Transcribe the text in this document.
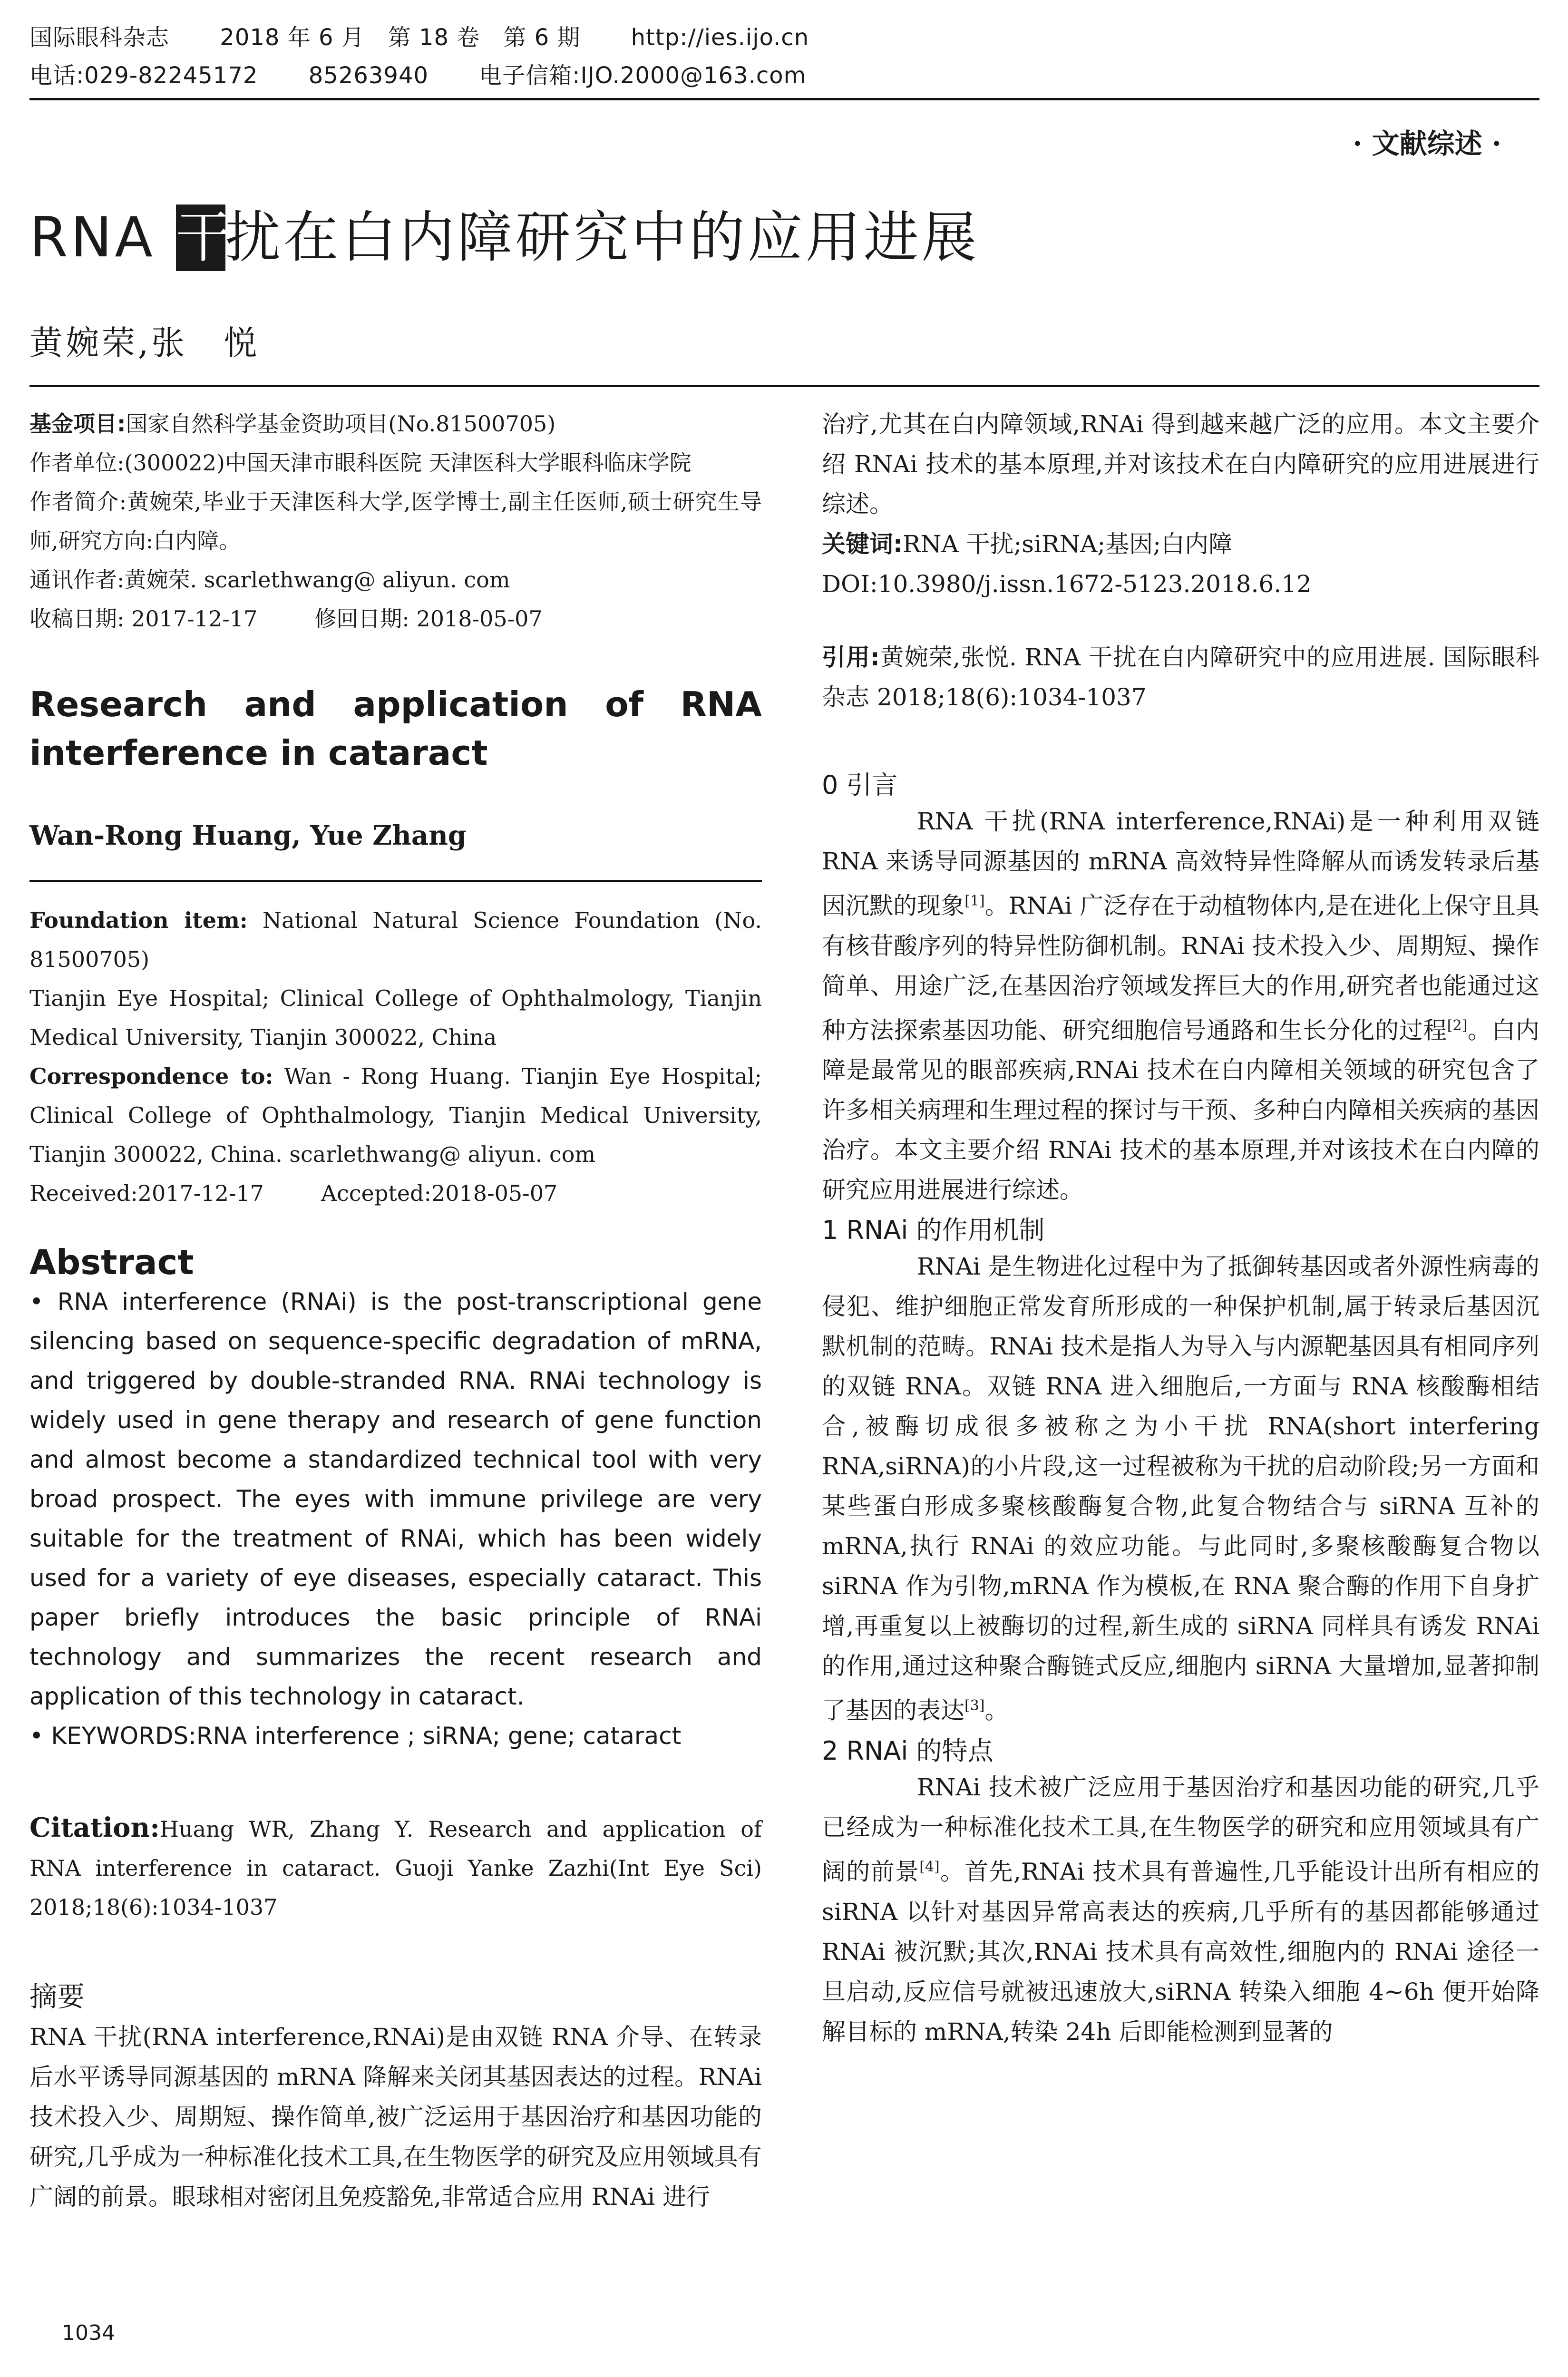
国际眼科杂志 2018 年 6 月　第 18 卷　第 6 期 http://ies.ijo.cn
电话:029-82245172 85263940 电子信箱:IJO.2000@163.com
· 文献综述 ·
RNA 干扰在白内障研究中的应用进展
黄婉荣,张　悦

基金项目:国家自然科学基金资助项目(No.81500705)

作者单位:(300022)中国天津市眼科医院 天津医科大学眼科临床学院

作者简介:黄婉荣,毕业于天津医科大学,医学博士,副主任医师,硕士研究生导师,研究方向:白内障。

通讯作者:黄婉荣. scarlethwang@ aliyun. com

收稿日期: 2017-12-17	修回日期: 2018-05-07

Research and application of RNA interference in cataract

Wan-Rong Huang, Yue Zhang

Foundation item: National Natural Science Foundation (No. 81500705)

Tianjin Eye Hospital; Clinical College of Ophthalmology, Tianjin Medical University, Tianjin 300022, China

Correspondence to: Wan - Rong Huang. Tianjin Eye Hospital; Clinical College of Ophthalmology, Tianjin Medical University, Tianjin 300022, China. scarlethwang@ aliyun. com

Received:2017-12-17	Accepted:2018-05-07

Abstract

• RNA interference (RNAi) is the post-transcriptional gene silencing based on sequence-specific degradation of mRNA, and triggered by double-stranded RNA. RNAi technology is widely used in gene therapy and research of gene function and almost become a standardized technical tool with very broad prospect. The eyes with immune privilege are very suitable for the treatment of RNAi, which has been widely used for a variety of eye diseases, especially cataract. This paper briefly introduces the basic principle of RNAi technology and summarizes the recent research and application of this technology in cataract.

• KEYWORDS:RNA interference ; siRNA; gene; cataract

Citation:Huang WR, Zhang Y. Research and application of RNA interference in cataract. Guoji Yanke Zazhi(Int Eye Sci) 2018;18(6):1034-1037

摘要

RNA 干扰(RNA interference,RNAi)是由双链 RNA 介导、在转录后水平诱导同源基因的 mRNA 降解来关闭其基因表达的过程。RNAi 技术投入少、周期短、操作简单,被广泛运用于基因治疗和基因功能的研究,几乎成为一种标准化技术工具,在生物医学的研究及应用领域具有广阔的前景。眼球相对密闭且免疫豁免,非常适合应用 RNAi 进行

治疗,尤其在白内障领域,RNAi 得到越来越广泛的应用。本文主要介绍 RNAi 技术的基本原理,并对该技术在白内障研究的应用进展进行综述。

关键词:RNA 干扰;siRNA;基因;白内障

DOI:10.3980/j.issn.1672-5123.2018.6.12

引用:黄婉荣,张悦. RNA 干扰在白内障研究中的应用进展. 国际眼科杂志 2018;18(6):1034-1037

0 引言

RNA 干扰(RNA interference,RNAi)是一种利用双链 RNA 来诱导同源基因的 mRNA 高效特异性降解从而诱发转录后基因沉默的现象[1]。RNAi 广泛存在于动植物体内,是在进化上保守且具有核苷酸序列的特异性防御机制。RNAi 技术投入少、周期短、操作简单、用途广泛,在基因治疗领域发挥巨大的作用,研究者也能通过这种方法探索基因功能、研究细胞信号通路和生长分化的过程[2]。白内障是最常见的眼部疾病,RNAi 技术在白内障相关领域的研究包含了许多相关病理和生理过程的探讨与干预、多种白内障相关疾病的基因治疗。本文主要介绍 RNAi 技术的基本原理,并对该技术在白内障的研究应用进展进行综述。

1 RNAi 的作用机制

RNAi 是生物进化过程中为了抵御转基因或者外源性病毒的侵犯、维护细胞正常发育所形成的一种保护机制,属于转录后基因沉默机制的范畴。RNAi 技术是指人为导入与内源靶基因具有相同序列的双链 RNA。双链 RNA 进入细胞后,一方面与 RNA 核酸酶相结合,被酶切成很多被称之为小干扰 RNA(short interfering RNA,siRNA)的小片段,这一过程被称为干扰的启动阶段;另一方面和某些蛋白形成多聚核酸酶复合物,此复合物结合与 siRNA 互补的 mRNA,执行 RNAi 的效应功能。与此同时,多聚核酸酶复合物以 siRNA 作为引物,mRNA 作为模板,在 RNA 聚合酶的作用下自身扩增,再重复以上被酶切的过程,新生成的 siRNA 同样具有诱发 RNAi 的作用,通过这种聚合酶链式反应,细胞内 siRNA 大量增加,显著抑制了基因的表达[3]。

2 RNAi 的特点

RNAi 技术被广泛应用于基因治疗和基因功能的研究,几乎已经成为一种标准化技术工具,在生物医学的研究和应用领域具有广阔的前景[4]。首先,RNAi 技术具有普遍性,几乎能设计出所有相应的 siRNA 以针对基因异常高表达的疾病,几乎所有的基因都能够通过 RNAi 被沉默;其次,RNAi 技术具有高效性,细胞内的 RNAi 途径一旦启动,反应信号就被迅速放大,siRNA 转染入细胞 4~6h 便开始降解目标的 mRNA,转染 24h 后即能检测到显著的

1034
